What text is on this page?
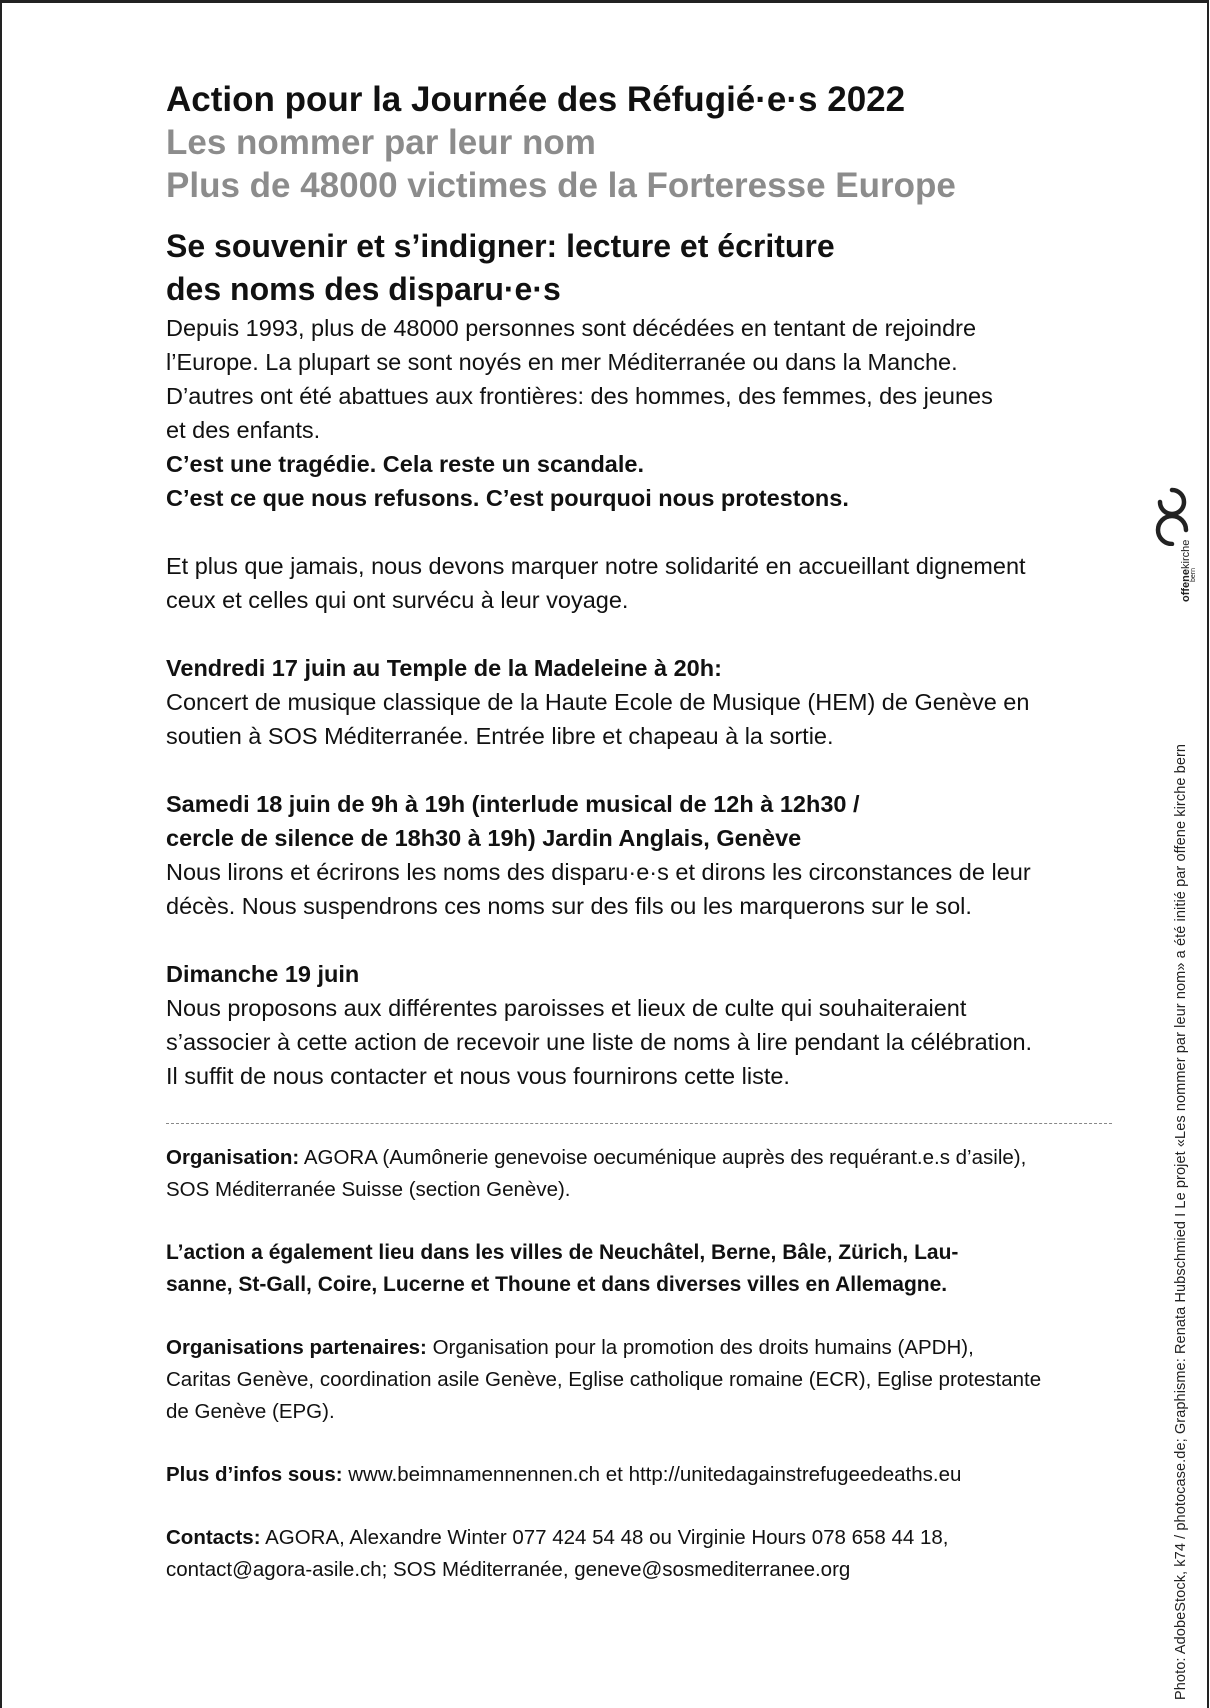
Action pour la Journée des Réfugié·e·s 2022
Les nommer par leur nom
Plus de 48000 victimes de la Forteresse Europe
Se souvenir et s’indigner: lecture et écriture
des noms des disparu·e·s

Depuis 1993, plus de 48000 personnes sont décédées en tentant de rejoindre

l’Europe. La plupart se sont noyés en mer Méditerranée ou dans la Manche.

D’autres ont été abattues aux frontières: des hommes, des femmes, des jeunes

et des enfants.

C’est une tragédie. Cela reste un scandale.

C’est ce que nous refusons. C’est pourquoi nous protestons.

Et plus que jamais, nous devons marquer notre solidarité en accueillant dignement

ceux et celles qui ont survécu à leur voyage.

Vendredi 17 juin au Temple de la Madeleine à 20h:

Concert de musique classique de la Haute Ecole de Musique (HEM) de Genève en

soutien à SOS Méditerranée. Entrée libre et chapeau à la sortie.

Samedi 18 juin de 9h à 19h (interlude musical de 12h à 12h30 /

cercle de silence de 18h30 à 19h) Jardin Anglais, Genève

Nous lirons et écrirons les noms des disparu·e·s et dirons les circonstances de leur

décès. Nous suspendrons ces noms sur des fils ou les marquerons sur le sol.

Dimanche 19 juin

Nous proposons aux différentes paroisses et lieux de culte qui souhaiteraient

s’associer à cette action de recevoir une liste de noms à lire pendant la célébration.

Il suffit de nous contacter et nous vous fournirons cette liste.

Organisation: AGORA (Aumônerie genevoise oecuménique auprès des requérant.e.s d’asile),

SOS Méditerranée Suisse (section Genève).

L’action a également lieu dans les villes de Neuchâtel, Berne, Bâle, Zürich, Lau-

sanne, St-Gall, Coire, Lucerne et Thoune et dans diverses villes en Allemagne.

Organisations partenaires: Organisation pour la promotion des droits humains (APDH),

Caritas Genève, coordination asile Genève, Eglise catholique romaine (ECR), Eglise protestante

de Genève (EPG).

Plus d’infos sous: www.beimnamennennen.ch et http://unitedagainstrefugeedeaths.eu

Contacts: AGORA, Alexandre Winter 077 424 54 48 ou Virginie Hours 078 658 44 18,

contact@agora-asile.ch; SOS Méditerranée, geneve@sosmediterranee.org

offenekirche
bern
Photo: AdobeStock, k74 / photocase.de; Graphisme: Renata Hubschmied I Le projet «Les nommer par leur nom» a été initié par offene kirche bern
